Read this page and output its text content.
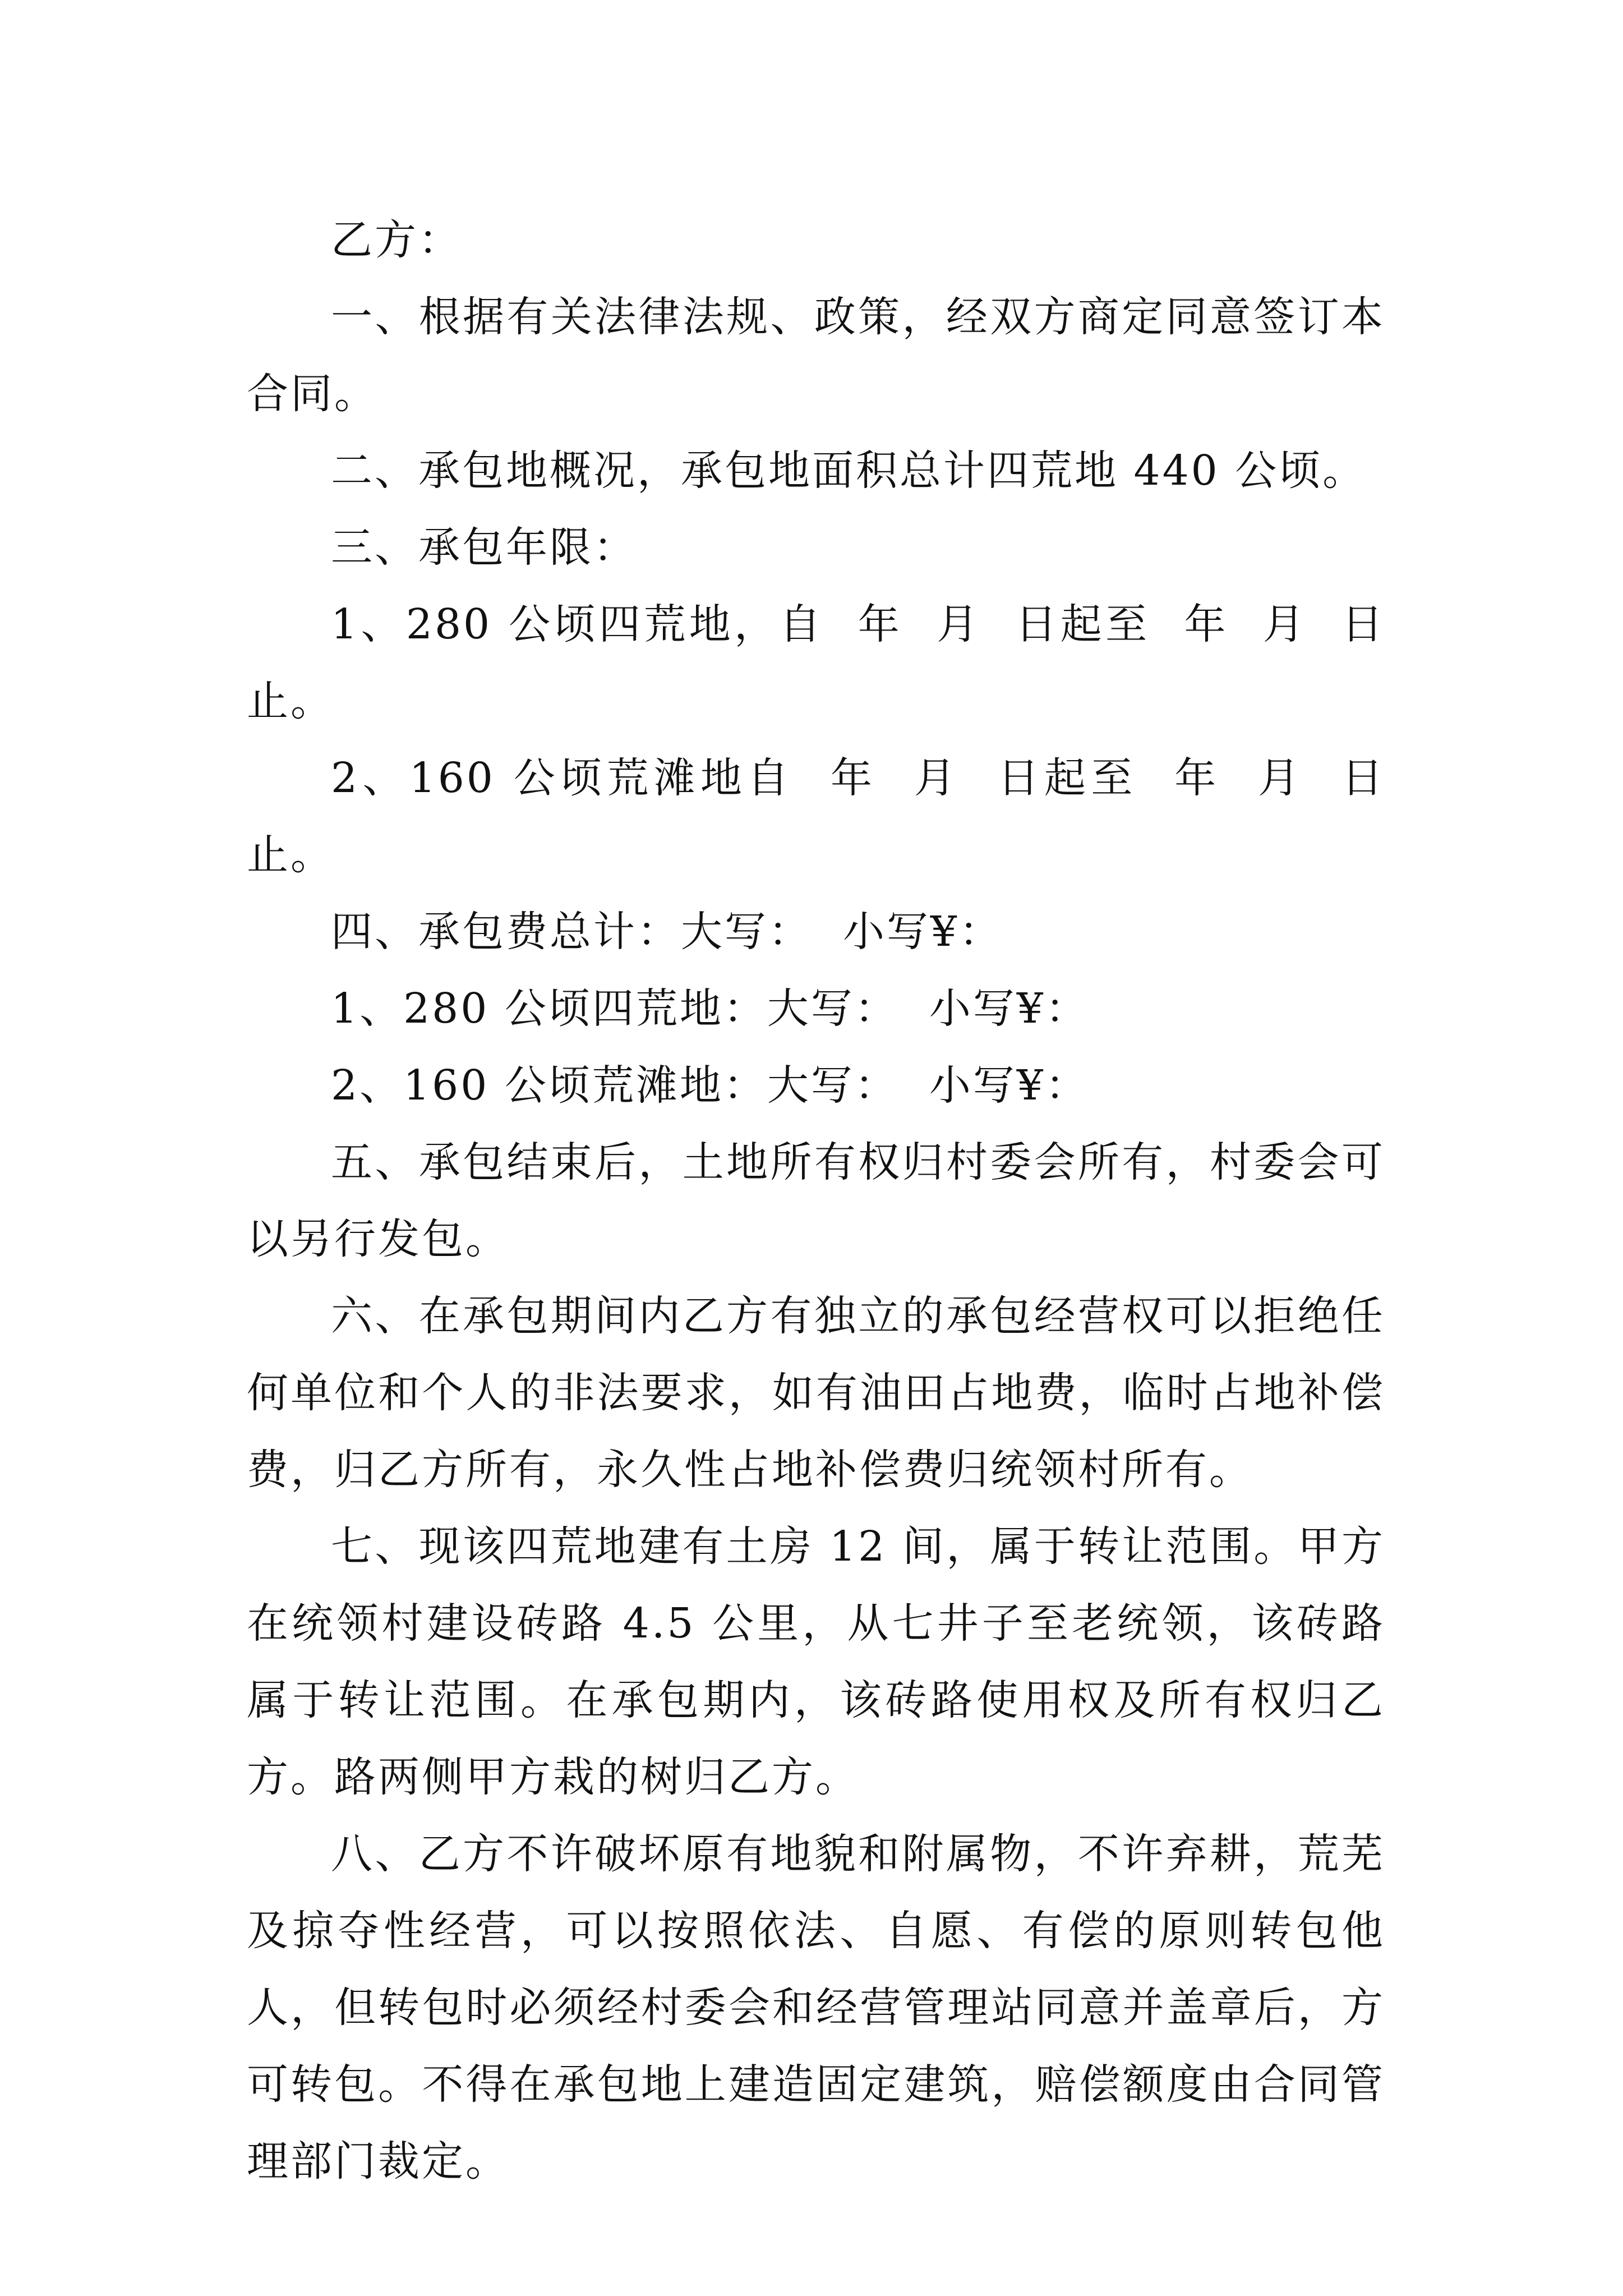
乙方：

一、根据有关法律法规、政策，经双方商定同意签订本合同。

二、承包地概况，承包地面积总计四荒地 440 公顷。

三、承包年限：

1、280 公顷四荒地，自  年  月  日起至  年  月  日止。

2、160 公顷荒滩地自  年  月  日起至  年  月  日止。

四、承包费总计：大写：  小写¥：

1、280 公顷四荒地：大写：  小写¥：

2、160 公顷荒滩地：大写：  小写¥：

五、承包结束后，土地所有权归村委会所有，村委会可以另行发包。

六、在承包期间内乙方有独立的承包经营权可以拒绝任何单位和个人的非法要求，如有油田占地费，临时占地补偿费，归乙方所有，永久性占地补偿费归统领村所有。

七、现该四荒地建有土房 12 间，属于转让范围。甲方在统领村建设砖路 4.5 公里，从七井子至老统领，该砖路属于转让范围。在承包期内，该砖路使用权及所有权归乙方。路两侧甲方栽的树归乙方。

八、乙方不许破坏原有地貌和附属物，不许弃耕，荒芜及掠夺性经营，可以按照依法、自愿、有偿的原则转包他人，但转包时必须经村委会和经营管理站同意并盖章后，方可转包。不得在承包地上建造固定建筑，赔偿额度由合同管理部门裁定。
